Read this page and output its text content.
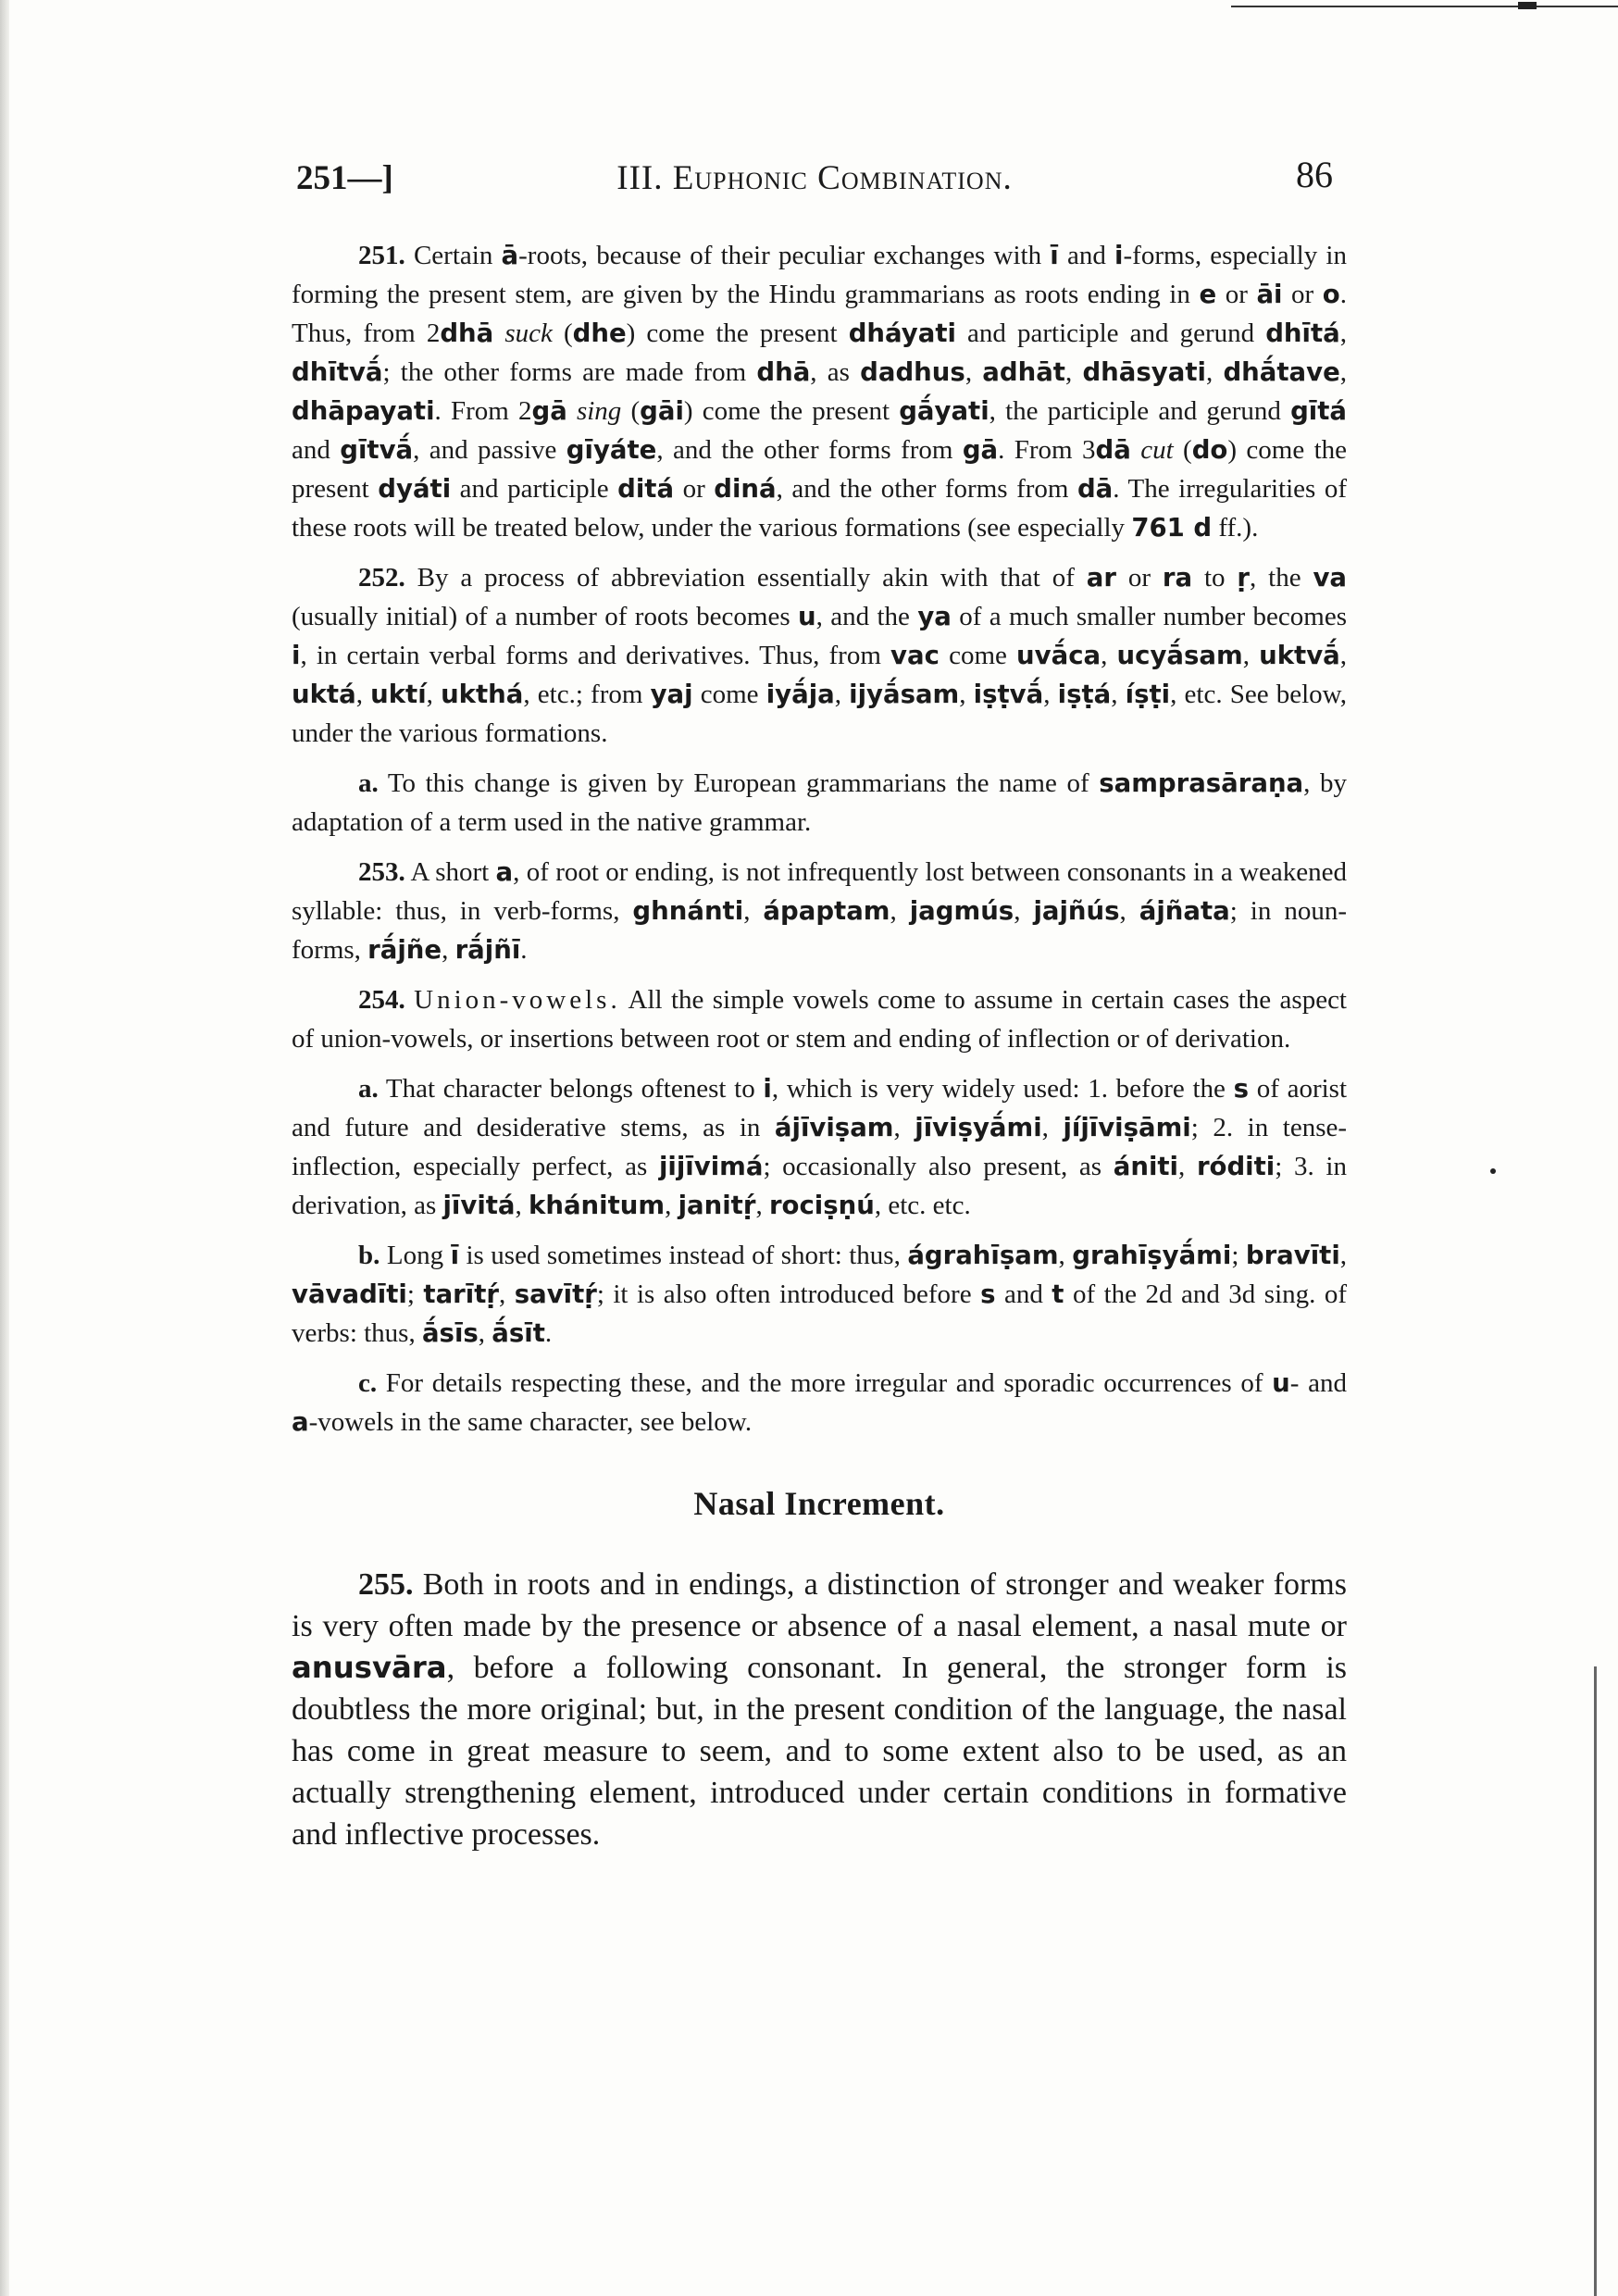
251—]	III. Euphonic Combination.	86

251. Certain ā-roots, because of their peculiar exchanges with ī and i-forms, especially in forming the present stem, are given by the Hindu grammarians as roots ending in e or āi or o. Thus, from 2dhā suck (dhe) come the present dháyati and participle and gerund dhītá, dhītvā́; the other forms are made from dhā, as dadhus, adhāt, dhāsyati, dhā́tave, dhāpayati. From 2gā sing (gāi) come the present gā́yati, the participle and gerund gītá and gītvā́, and passive gīyáte, and the other forms from gā. From 3dā cut (do) come the present dyáti and participle ditá or diná, and the other forms from dā. The irregularities of these roots will be treated below, under the various formations (see especially 761 d ff.).

252. By a process of abbreviation essentially akin with that of ar or ra to ṛ, the va (usually initial) of a number of roots becomes u, and the ya of a much smaller number becomes i, in certain verbal forms and derivatives. Thus, from vac come uvā́ca, ucyā́sam, uktvā́, uktá, uktí, ukthá, etc.; from yaj come iyā́ja, ijyā́sam, iṣṭvā́, iṣṭá, íṣṭi, etc. See below, under the various formations.

a. To this change is given by European grammarians the name of samprasāraṇa, by adaptation of a term used in the native grammar.

253. A short a, of root or ending, is not infrequently lost between consonants in a weakened syllable: thus, in verb-forms, ghnánti, ápaptam, jagmús, jajñús, ájñata; in noun-forms, rā́jñe, rā́jñī.

254. Union-vowels. All the simple vowels come to assume in certain cases the aspect of union-vowels, or insertions between root or stem and ending of inflection or of derivation.

a. That character belongs oftenest to i, which is very widely used: 1. before the s of aorist and future and desiderative stems, as in ájīviṣam, jīviṣyā́mi, jíjīviṣāmi; 2. in tense-inflection, especially perfect, as jijīvimá; occasionally also present, as ániti, róditi; 3. in derivation, as jīvitá, khánitum, janitṛ́, rociṣṇú, etc. etc.

b. Long ī is used sometimes instead of short: thus, ágrahīṣam, grahīṣyā́mi; bravīti, vāvadīti; tarītṛ́, savītṛ́; it is also often introduced before s and t of the 2d and 3d sing. of verbs: thus, ā́sīs, ā́sīt.

c. For details respecting these, and the more irregular and sporadic occurrences of u- and a-vowels in the same character, see below.

Nasal Increment.

255. Both in roots and in endings, a distinction of stronger and weaker forms is very often made by the presence or absence of a nasal element, a nasal mute or anusvāra, before a following consonant. In general, the stronger form is doubtless the more original; but, in the present condition of the language, the nasal has come in great measure to seem, and to some extent also to be used, as an actually strengthening element, introduced under certain conditions in formative and inflective processes.
